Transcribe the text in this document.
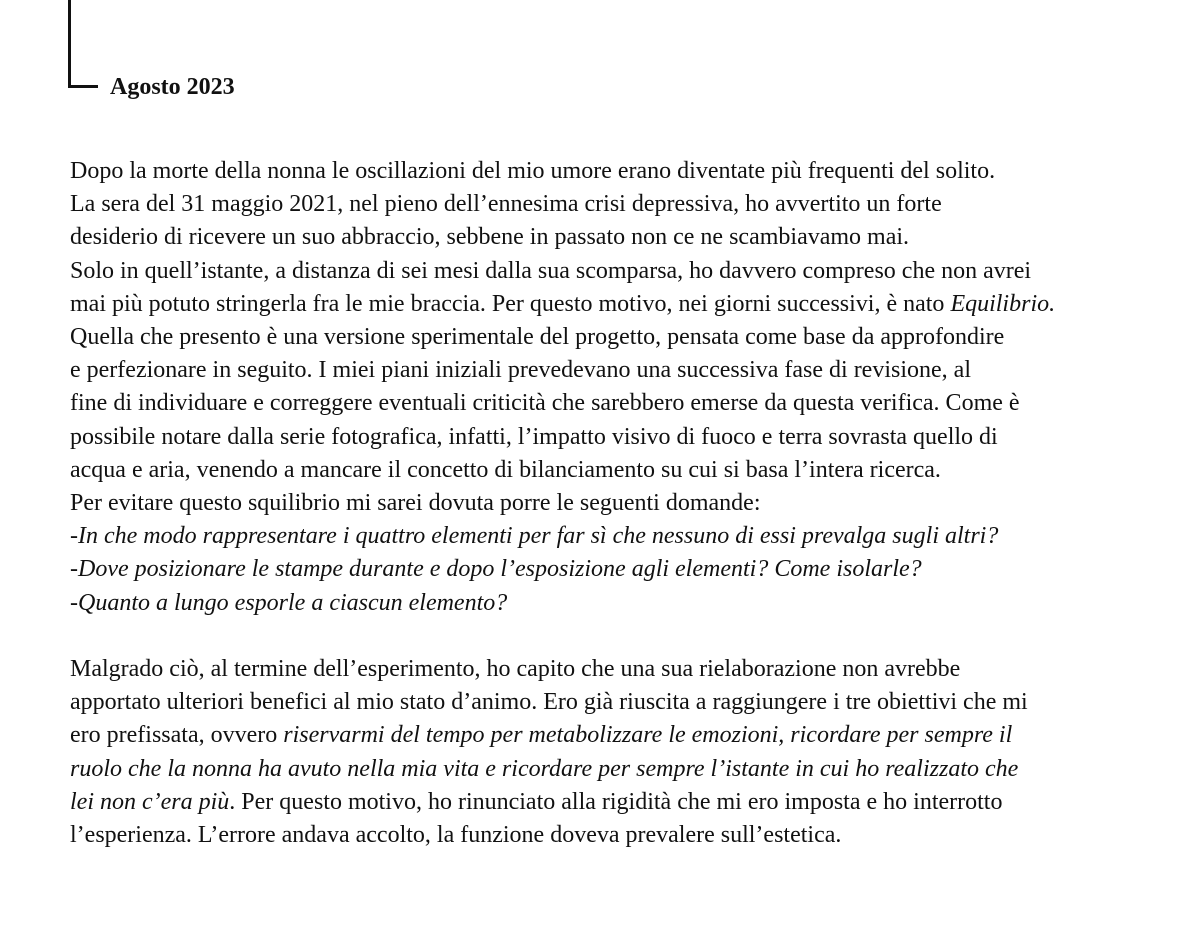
Agosto 2023
Dopo la morte della nonna le oscillazioni del mio umore erano diventate più frequenti del solito.
La sera del 31 maggio 2021, nel pieno dell’ennesima crisi depressiva, ho avvertito un forte
desiderio di ricevere un suo abbraccio, sebbene in passato non ce ne scambiavamo mai.
Solo in quell’istante, a distanza di sei mesi dalla sua scomparsa, ho davvero compreso che non avrei
mai più potuto stringerla fra le mie braccia. Per questo motivo, nei giorni successivi, è nato Equilibrio.
Quella che presento è una versione sperimentale del progetto, pensata come base da approfondire
e perfezionare in seguito. I miei piani iniziali prevedevano una successiva fase di revisione, al
fine di individuare e correggere eventuali criticità che sarebbero emerse da questa verifica. Come è
possibile notare dalla serie fotografica, infatti, l’impatto visivo di fuoco e terra sovrasta quello di
acqua e aria, venendo a mancare il concetto di bilanciamento su cui si basa l’intera ricerca.
Per evitare questo squilibrio mi sarei dovuta porre le seguenti domande:
-In che modo rappresentare i quattro elementi per far sì che nessuno di essi prevalga sugli altri?
-Dove posizionare le stampe durante e dopo l’esposizione agli elementi? Come isolarle?
-Quanto a lungo esporle a ciascun elemento?
Malgrado ciò, al termine dell’esperimento, ho capito che una sua rielaborazione non avrebbe
apportato ulteriori benefici al mio stato d’animo. Ero già riuscita a raggiungere i tre obiettivi che mi
ero prefissata, ovvero riservarmi del tempo per metabolizzare le emozioni, ricordare per sempre il
ruolo che la nonna ha avuto nella mia vita e ricordare per sempre l’istante in cui ho realizzato che
lei non c’era più. Per questo motivo, ho rinunciato alla rigidità che mi ero imposta e ho interrotto
l’esperienza. L’errore andava accolto, la funzione doveva prevalere sull’estetica.
